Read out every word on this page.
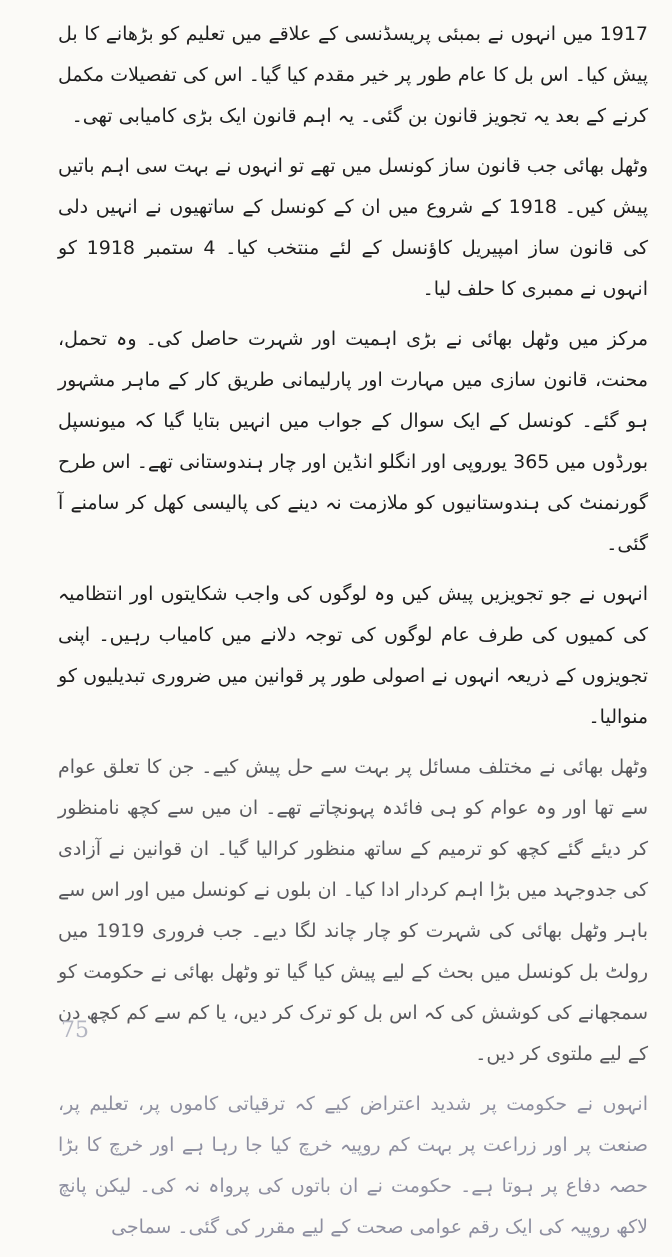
1917 میں انہوں نے بمبئی پریسڈنسی کے علاقے میں تعلیم کو بڑھانے کا بل پیش کیا۔ اس بل کا عام طور پر خیر مقدم کیا گیا۔ اس کی تفصیلات مکمل کرنے کے بعد یہ تجویز قانون بن گئی۔ یہ اہم قانون ایک بڑی کامیابی تھی۔

وٹھل بھائی جب قانون ساز کونسل میں تھے تو انہوں نے بہت سی اہم باتیں پیش کیں۔ 1918 کے شروع میں ان کے کونسل کے ساتھیوں نے انہیں دلی کی قانون ساز امپیریل کاؤنسل کے لئے منتخب کیا۔ 4 ستمبر 1918 کو انہوں نے ممبری کا حلف لیا۔

مرکز میں وٹھل بھائی نے بڑی اہمیت اور شہرت حاصل کی۔ وہ تحمل، محنت، قانون سازی میں مہارت اور پارلیمانی طریق کار کے ماہر مشہور ہو گئے۔ کونسل کے ایک سوال کے جواب میں انہیں بتایا گیا کہ میونسپل بورڈوں میں 365 یوروپی اور انگلو انڈین اور چار ہندوستانی تھے۔ اس طرح گورنمنٹ کی ہندوستانیوں کو ملازمت نہ دینے کی پالیسی کھل کر سامنے آ گئی۔

انہوں نے جو تجویزیں پیش کیں وہ لوگوں کی واجب شکایتوں اور انتظامیہ کی کمیوں کی طرف عام لوگوں کی توجہ دلانے میں کامیاب رہیں۔ اپنی تجویزوں کے ذریعہ انہوں نے اصولی طور پر قوانین میں ضروری تبدیلیوں کو منوالیا۔

وٹھل بھائی نے مختلف مسائل پر بہت سے حل پیش کیے۔ جن کا تعلق عوام سے تھا اور وہ عوام کو ہی فائدہ پہونچاتے تھے۔ ان میں سے کچھ نامنظور کر دیئے گئے کچھ کو ترمیم کے ساتھ منظور کرالیا گیا۔ ان قوانین نے آزادی کی جدوجہد میں بڑا اہم کردار ادا کیا۔ ان بلوں نے کونسل میں اور اس سے باہر وٹھل بھائی کی شہرت کو چار چاند لگا دیے۔ جب فروری 1919 میں رولٹ بل کونسل میں بحث کے لیے پیش کیا گیا تو وٹھل بھائی نے حکومت کو سمجھانے کی کوشش کی کہ اس بل کو ترک کر دیں، یا کم سے کم کچھ دن کے لیے ملتوی کر دیں۔

انہوں نے حکومت پر شدید اعتراض کیے کہ ترقیاتی کاموں پر، تعلیم پر، صنعت پر اور زراعت پر بہت کم روپیہ خرچ کیا جا رہا ہے اور خرچ کا بڑا حصہ دفاع پر ہوتا ہے۔ حکومت نے ان باتوں کی پرواہ نہ کی۔ لیکن پانچ لاکھ روپیہ کی ایک رقم عوامی صحت کے لیے مقرر کی گئی۔ سماجی

75
